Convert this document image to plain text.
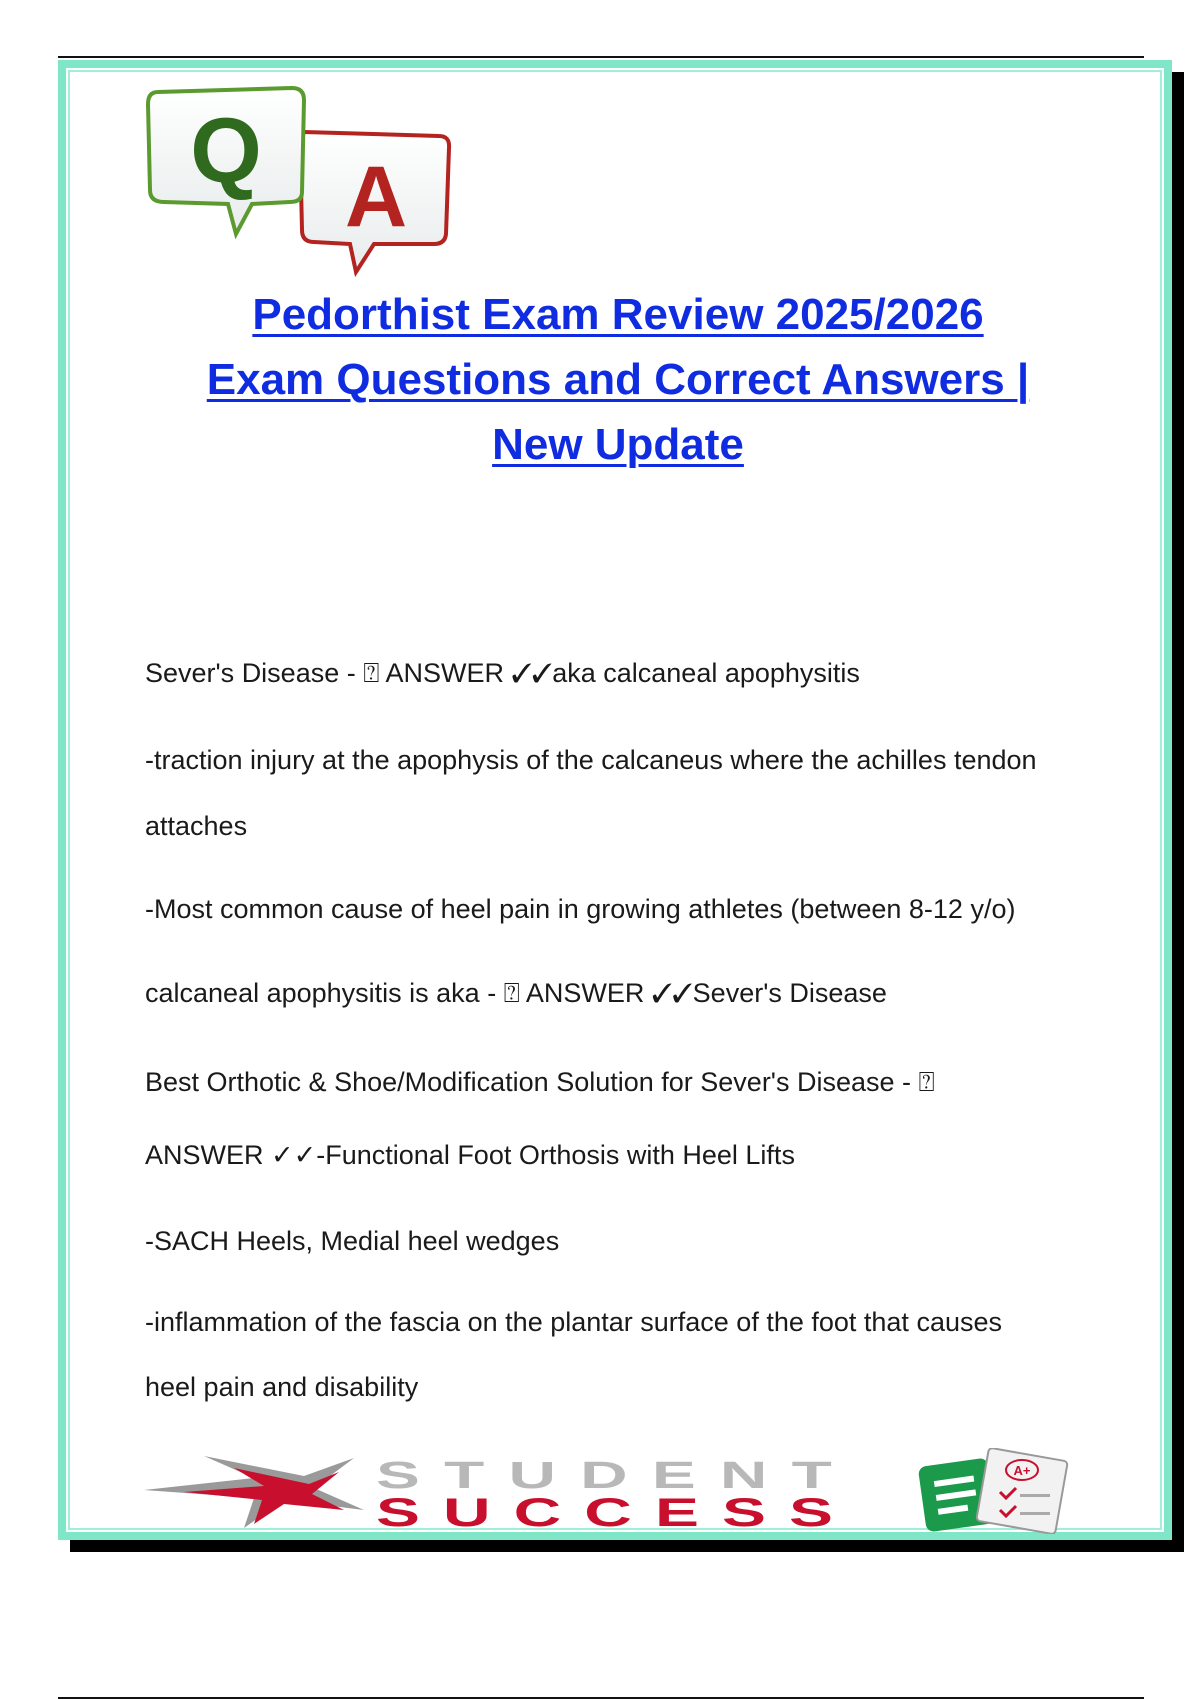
A
Q
Pedorthist Exam Review 2025/2026
Exam Questions and Correct Answers |
New Update

Sever's Disease - ⍰ ANSWER ✓✓aka calcaneal apophysitis

-traction injury at the apophysis of the calcaneus where the achilles tendon

attaches

-Most common cause of heel pain in growing athletes (between 8-12 y/o)

calcaneal apophysitis is aka - ⍰ ANSWER ✓✓Sever's Disease

Best Orthotic & Shoe/Modification Solution for Sever's Disease - ⍰

ANSWER ✓✓-Functional Foot Orthosis with Heel Lifts

-SACH Heels, Medial heel wedges

-inflammation of the fascia on the plantar surface of the foot that causes

heel pain and disability

STUDENT
SUCCESS
A+
